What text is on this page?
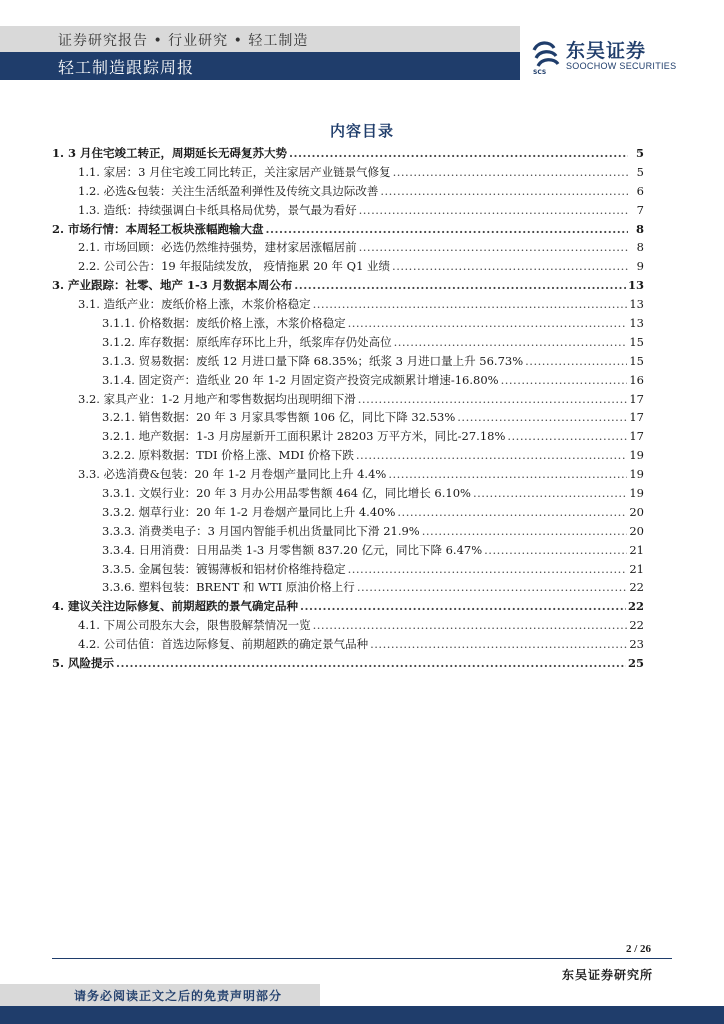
证券研究报告 • 行业研究 • 轻工制造
轻工制造跟踪周报	SCS
东吴证券
SOOCHOW SECURITIES
内容目录
1. 3 月住宅竣工转正，周期延长无碍复苏大势 .....	5
1.1. 家居：3 月住宅竣工同比转正，关注家居产业链景气修复 .....	5
1.2. 必选&包装：关注生活纸盈利弹性及传统文具边际改善 .....	6
1.3. 造纸：持续强调白卡纸具格局优势，景气最为看好 .....	7
2. 市场行情：本周轻工板块涨幅跑输大盘 .....	8
2.1. 市场回顾：必选仍然维持强势，建材家居涨幅居前 .....	8
2.2. 公司公告：19 年报陆续发放， 疫情拖累 20 年 Q1 业绩 .....	9
3. 产业跟踪：社零、地产 1-3 月数据本周公布 .....	13
3.1. 造纸产业：废纸价格上涨，木浆价格稳定 .....	13
3.1.1. 价格数据：废纸价格上涨，木浆价格稳定 .....	13
3.1.2. 库存数据：原纸库存环比上升，纸浆库存仍处高位 .....	15
3.1.3. 贸易数据：废纸 12 月进口量下降 68.35%；纸浆 3 月进口量上升 56.73% .....	15
3.1.4. 固定资产：造纸业 20 年 1-2 月固定资产投资完成额累计增速-16.80% .....	16
3.2. 家具产业：1-2 月地产和零售数据均出现明细下滑 .....	17
3.2.1. 销售数据：20 年 3 月家具零售额 106 亿，同比下降 32.53% .....	17
3.2.1. 地产数据：1-3 月房屋新开工面积累计 28203 万平方米，同比-27.18% .....	17
3.2.2. 原料数据：TDI 价格上涨、MDI 价格下跌 .....	19
3.3. 必选消费&包装：20 年 1-2 月卷烟产量同比上升 4.4% .....	19
3.3.1. 文娱行业：20 年 3 月办公用品零售额 464 亿，同比增长 6.10% .....	19
3.3.2. 烟草行业：20 年 1-2 月卷烟产量同比上升 4.40% .....	20
3.3.3. 消费类电子：3 月国内智能手机出货量同比下滑 21.9% .....	20
3.3.4. 日用消费：日用品类 1-3 月零售额 837.20 亿元，同比下降 6.47% .....	21
3.3.5. 金属包装：镀锡薄板和铝材价格维持稳定 .....	21
3.3.6. 塑料包装：BRENT 和 WTI 原油价格上行 .....	22
4. 建议关注边际修复、前期超跌的景气确定品种 .....	22
4.1. 下周公司股东大会，限售股解禁情况一览 .....	22
4.2. 公司估值：首选边际修复、前期超跌的确定景气品种 .....	23
5. 风险提示 .....	25
2 / 26
东吴证券研究所
请务必阅读正文之后的免责声明部分
